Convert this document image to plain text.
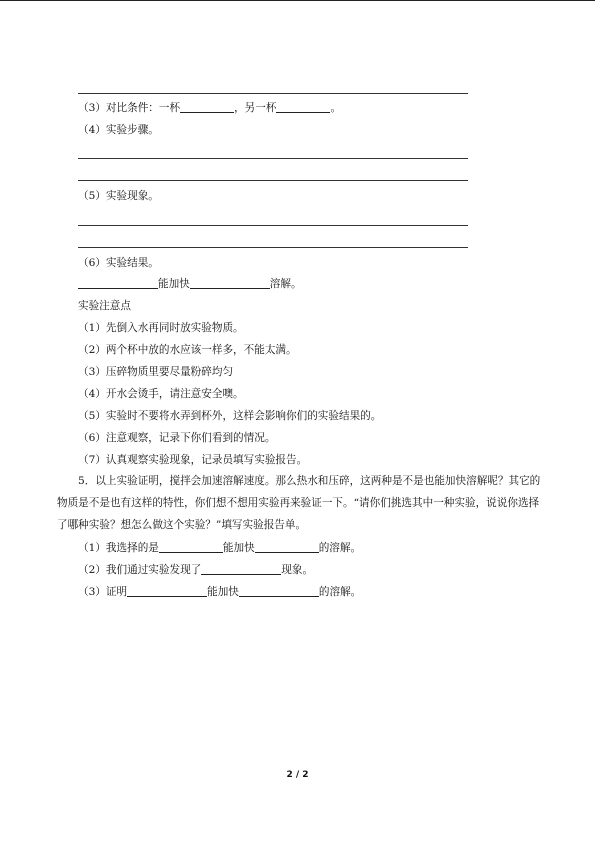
（3）对比条件：一杯	，另一杯	。
（4）实验步骤。
（5）实验现象。
（6）实验结果。
能加快	溶解。
实验注意点
（1）先倒入水再同时放实验物质。
（2）两个杯中放的水应该一样多，不能太满。
（3）压碎物质里要尽量粉碎均匀
（4）开水会烫手，请注意安全噢。
（5）实验时不要将水弄到杯外，这样会影响你们的实验结果的。
（6）注意观察，记录下你们看到的情况。
（7）认真观察实验现象，记录员填写实验报告。
5．以上实验证明，搅拌会加速溶解速度。那么热水和压碎，这两种是不是也能加快溶解呢？其它的物质是不是也有这样的特性，你们想不想用实验再来验证一下。“请你们挑选其中一种实验，说说你选择了哪种实验？想怎么做这个实验？”填写实验报告单。
（1）我选择的是	能加快	的溶解。
（2）我们通过实验发现了	现象。
（3）证明	能加快	的溶解。
2 / 2
